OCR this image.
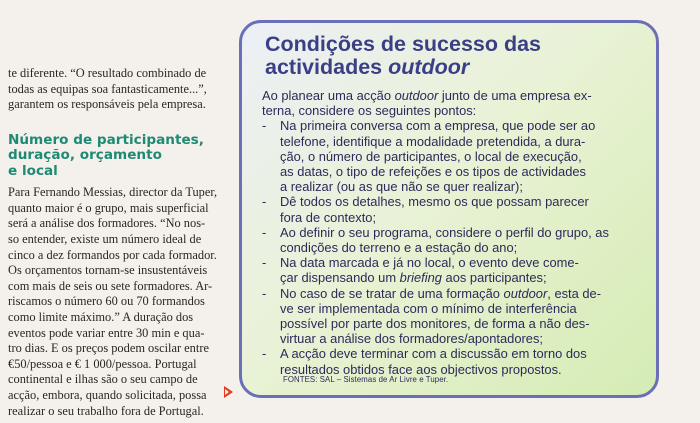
te diferente. “O resultado combinado de
todas as equipas soa fantasticamente...”,
garantem os responsáveis pela empresa.

Número de participantes,
duração, orçamento
e local

Para Fernando Messias, director da Tuper,
quanto maior é o grupo, mais superficial
será a análise dos formadores. “No nos-
so entender, existe um número ideal de
cinco a dez formandos por cada formador.
Os orçamentos tornam-se insustentáveis
com mais de seis ou sete formadores. Ar-
riscamos o número 60 ou 70 formandos
como limite máximo.” A duração dos
eventos pode variar entre 30 min e qua-
tro dias. E os preços podem oscilar entre
€50/pessoa e € 1 000/pessoa. Portugal
continental e ilhas são o seu campo de
acção, embora, quando solicitada, possa
realizar o seu trabalho fora de Portugal.

Condições de sucesso das
actividades outdoor
Ao planear uma acção outdoor junto de uma empresa ex-
terna, considere os seguintes pontos:
- Na primeira conversa com a empresa, que pode ser ao
telefone, identifique a modalidade pretendida, a dura-
ção, o número de participantes, o local de execução,
as datas, o tipo de refeições e os tipos de actividades
a realizar (ou as que não se quer realizar);
- Dê todos os detalhes, mesmo os que possam parecer
fora de contexto;
- Ao definir o seu programa, considere o perfil do grupo, as
condições do terreno e a estação do ano;
- Na data marcada e já no local, o evento deve come-
çar dispensando um briefing aos participantes;
- No caso de se tratar de uma formação outdoor, esta de-
ve ser implementada com o mínimo de interferência
possível por parte dos monitores, de forma a não des-
virtuar a análise dos formadores/apontadores;
- A acção deve terminar com a discussão em torno dos
resultados obtidos face aos objectivos propostos.
FONTES: SAL – Sistemas de Ar Livre e Tuper.
